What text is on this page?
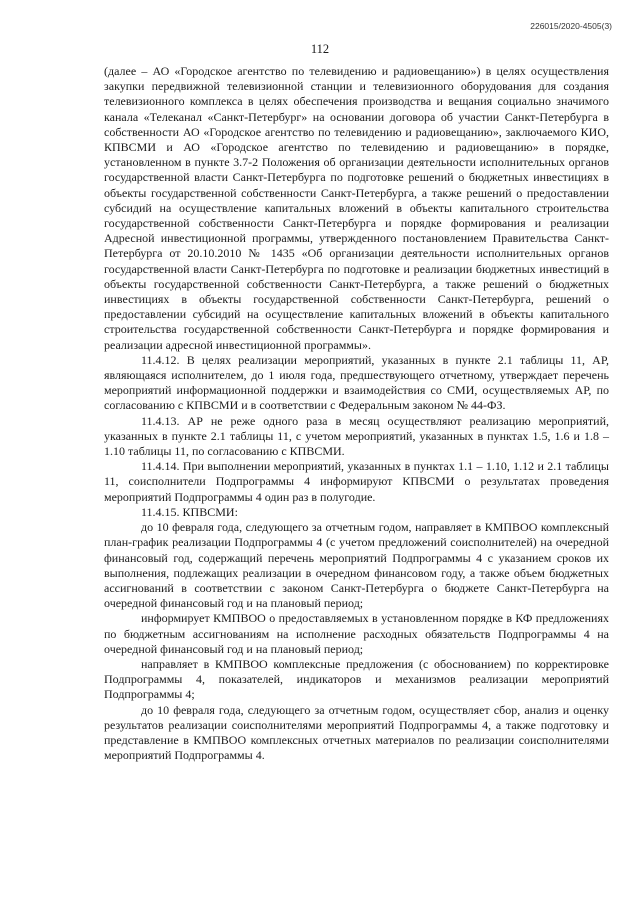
226015/2020-4505(3)
112

(далее – АО «Городское агентство по телевидению и радиовещанию») в целях осуществления закупки передвижной телевизионной станции и телевизионного оборудования для создания телевизионного комплекса в целях обеспечения производства и вещания социально значимого канала «Телеканал «Санкт-Петербург» на основании договора об участии Санкт-Петербурга в собственности АО «Городское агентство по телевидению и радиовещанию», заключаемого КИО, КПВСМИ и АО «Городское агентство по телевидению и радиовещанию» в порядке, установленном в пункте 3.7-2 Положения об организации деятельности исполнительных органов государственной власти Санкт-Петербурга по подготовке решений о бюджетных инвестициях в объекты государственной собственности Санкт-Петербурга, а также решений о предоставлении субсидий на осуществление капитальных вложений в объекты капитального строительства государственной собственности Санкт-Петербурга и порядке формирования и реализации Адресной инвестиционной программы, утвержденного постановлением Правительства Санкт-Петербурга от 20.10.2010 № 1435 «Об организации деятельности исполнительных органов государственной власти Санкт-Петербурга по подготовке и реализации бюджетных инвестиций в объекты государственной собственности Санкт-Петербурга, а также решений о бюджетных инвестициях в объекты государственной собственности Санкт-Петербурга, решений о предоставлении субсидий на осуществление капитальных вложений в объекты капитального строительства государственной собственности Санкт-Петербурга и порядке формирования и реализации адресной инвестиционной программы».

11.4.12. В целях реализации мероприятий, указанных в пункте 2.1 таблицы 11, АР, являющаяся исполнителем, до 1 июля года, предшествующего отчетному, утверждает перечень мероприятий информационной поддержки и взаимодействия со СМИ, осуществляемых АР, по согласованию с КПВСМИ и в соответствии с Федеральным законом № 44-ФЗ.

11.4.13. АР не реже одного раза в месяц осуществляют реализацию мероприятий, указанных в пункте 2.1 таблицы 11, с учетом мероприятий, указанных в пунктах 1.5, 1.6 и 1.8 – 1.10 таблицы 11, по согласованию с КПВСМИ.

11.4.14. При выполнении мероприятий, указанных в пунктах 1.1 – 1.10, 1.12 и 2.1 таблицы 11, соисполнители Подпрограммы 4 информируют КПВСМИ о результатах проведения мероприятий Подпрограммы 4 один раз в полугодие.

11.4.15. КПВСМИ:

до 10 февраля года, следующего за отчетным годом, направляет в КМПВОО комплексный план-график реализации Подпрограммы 4 (с учетом предложений соисполнителей) на очередной финансовый год, содержащий перечень мероприятий Подпрограммы 4 с указанием сроков их выполнения, подлежащих реализации в очередном финансовом году, а также объем бюджетных ассигнований в соответствии с законом Санкт-Петербурга о бюджете Санкт-Петербурга на очередной финансовый год и на плановый период;

информирует КМПВОО о предоставляемых в установленном порядке в КФ предложениях по бюджетным ассигнованиям на исполнение расходных обязательств Подпрограммы 4 на очередной финансовый год и на плановый период;

направляет в КМПВОО комплексные предложения (с обоснованием) по корректировке Подпрограммы 4, показателей, индикаторов и механизмов реализации мероприятий Подпрограммы 4;

до 10 февраля года, следующего за отчетным годом, осуществляет сбор, анализ и оценку результатов реализации соисполнителями мероприятий Подпрограммы 4, а также подготовку и представление в КМПВОО комплексных отчетных материалов по реализации соисполнителями мероприятий Подпрограммы 4.
